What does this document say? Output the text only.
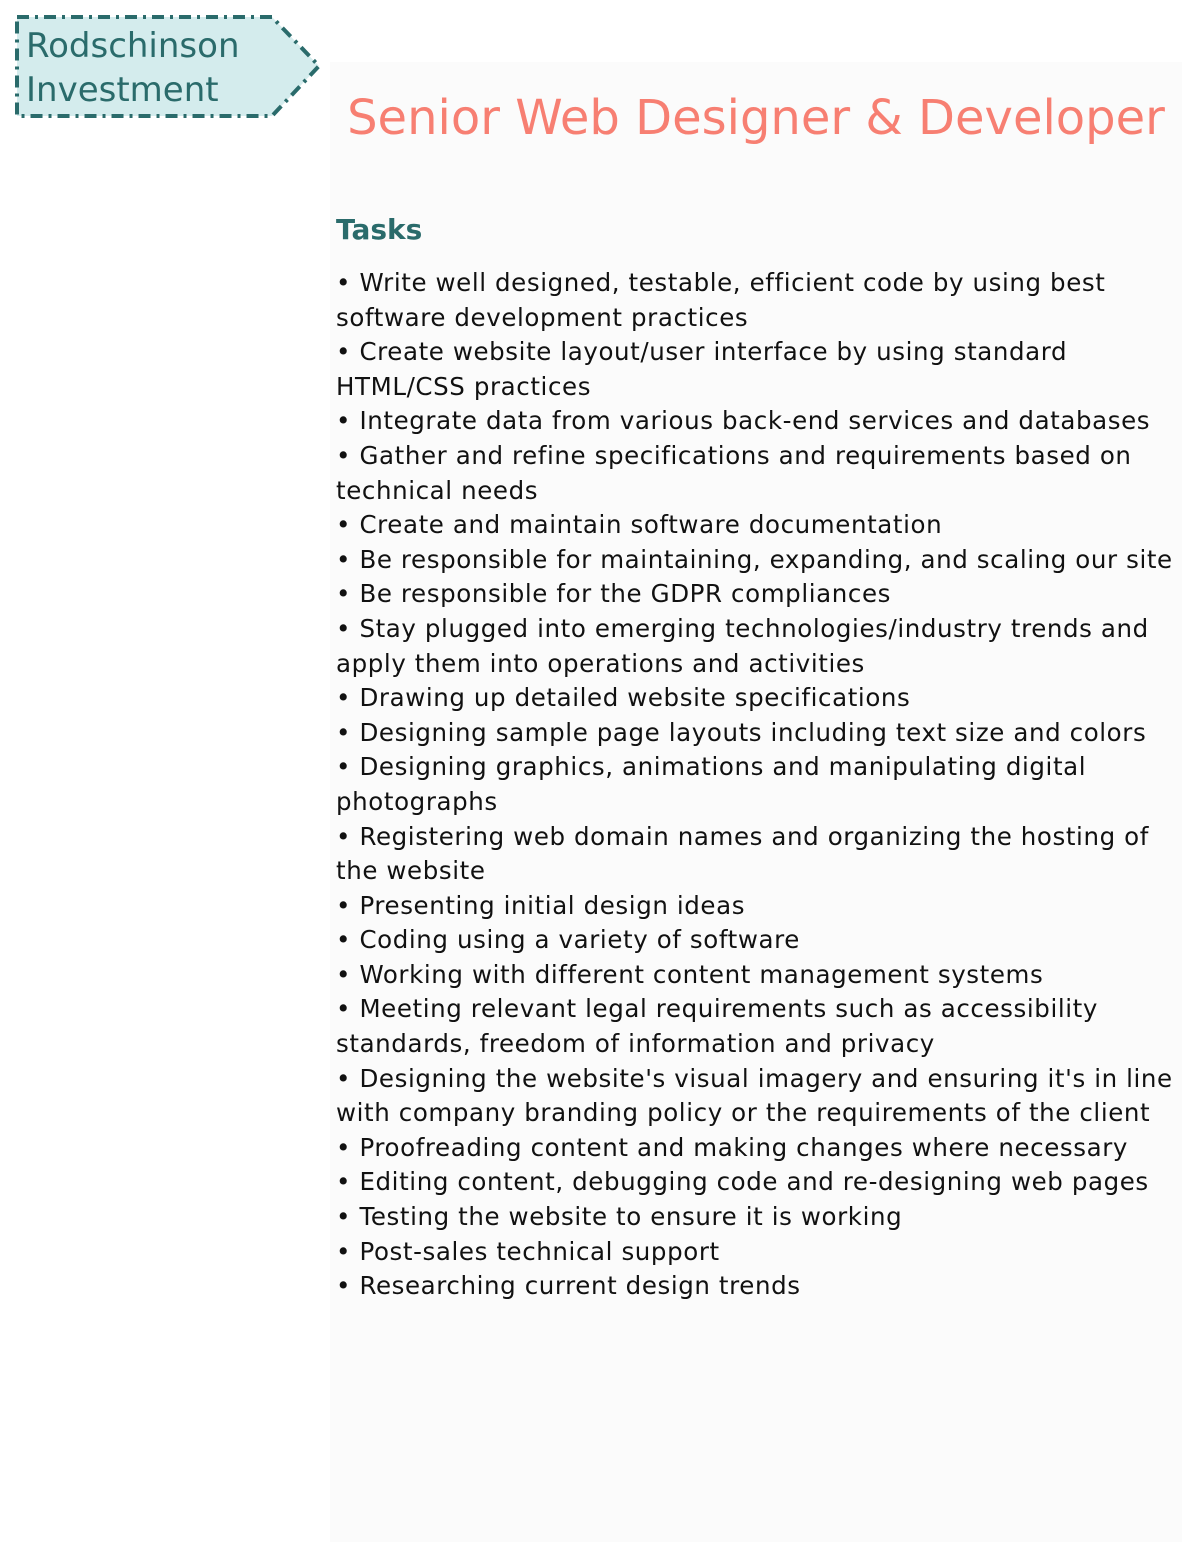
Rodschinson
Investment	Senior Web Designer & Developer
Tasks
• Write well designed, testable, efficient code by using best software development practices
• Create website layout/user interface by using standard HTML/CSS practices
• Integrate data from various back-end services and databases
• Gather and refine specifications and requirements based on technical needs
• Create and maintain software documentation
• Be responsible for maintaining, expanding, and scaling our site
• Be responsible for the GDPR compliances
• Stay plugged into emerging technologies/industry trends and apply them into operations and activities
• Drawing up detailed website specifications
• Designing sample page layouts including text size and colors
• Designing graphics, animations and manipulating digital photographs
• Registering web domain names and organizing the hosting of the website
• Presenting initial design ideas
• Coding using a variety of software
• Working with different content management systems
• Meeting relevant legal requirements such as accessibility standards, freedom of information and privacy
• Designing the website's visual imagery and ensuring it's in line with company branding policy or the requirements of the client
• Proofreading content and making changes where necessary
• Editing content, debugging code and re-designing web pages
• Testing the website to ensure it is working
• Post-sales technical support
• Researching current design trends
